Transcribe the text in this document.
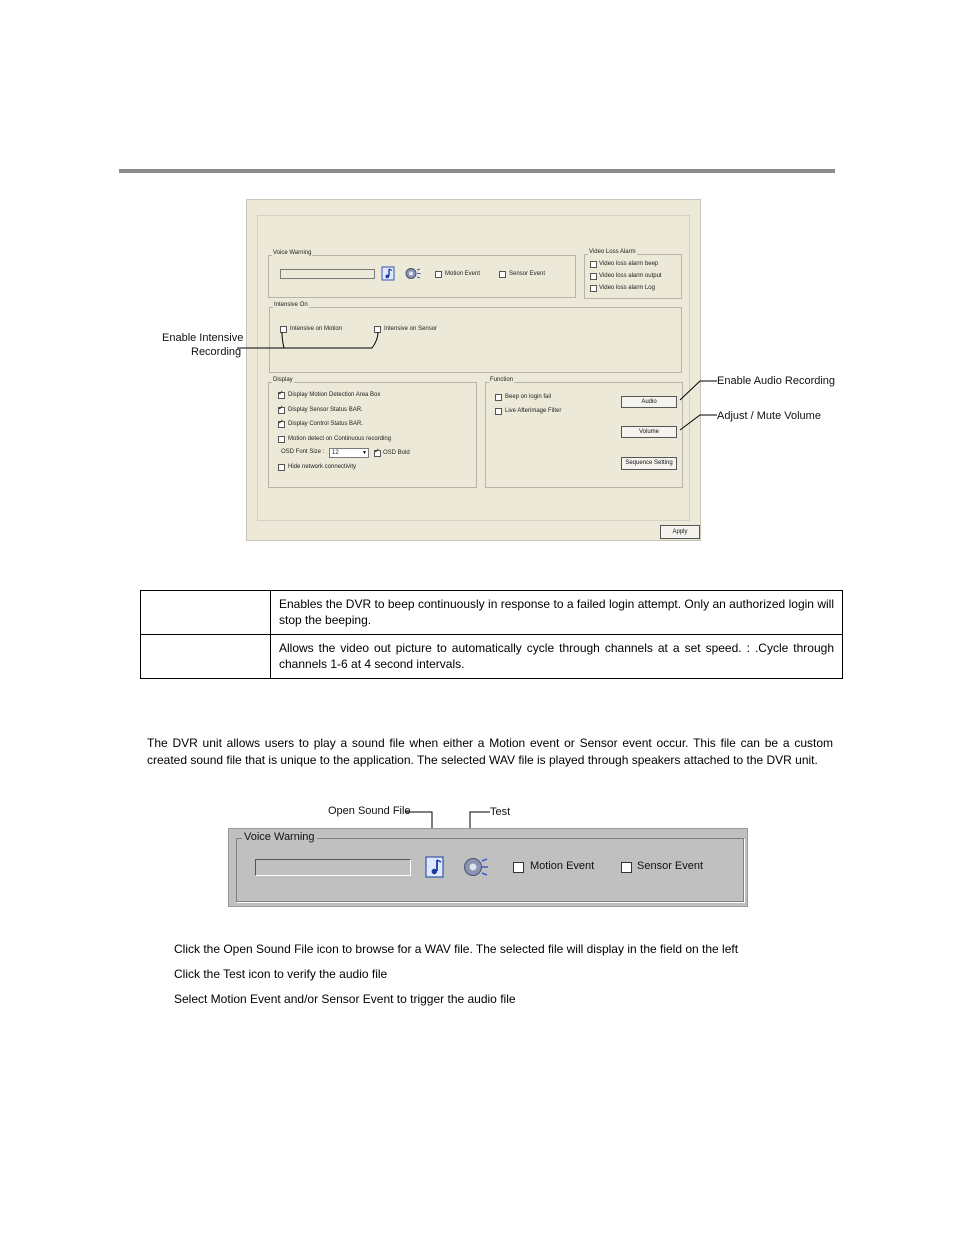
Voice Warning
Motion Event	Sensor Event
Video Loss Alarm
Video loss alarm beep
Video loss alarm output
Video loss alarm Log
Intensive On
Intensive on Motion	Intensive on Sensor
Display
✓
Display Motion Detection Area Box
✓
Display Sensor Status BAR.
✓
Display Control Status BAR.
Motion detect on Continuous recording
OSD Font Size : 12	▼
✓	OSD Bold
Hide network connectivity
Function
Beep on login fail
Live Afterimage Filter
Audio
Volume
Sequence Setting
Apply
Enable Intensive
Recording
Enable Audio Recording
Adjust / Mute Volume
	Enables the DVR to beep continuously in response to a failed login attempt. Only an authorized login will stop the beeping.
	Allows the video out picture to automatically cycle through channels at a set speed. : .Cycle through channels 1-6 at 4 second intervals.
The DVR unit allows users to play a sound file when either a Motion event or Sensor event occur. This file can be a custom created sound file that is unique to the application. The selected WAV file is played through speakers attached to the DVR unit.
Open Sound File	Test
Voice Warning
Motion Event	Sensor Event
Click the Open Sound File icon to browse for a WAV file. The selected file will display in the field on the left
Click the Test icon to verify the audio file
Select Motion Event and/or Sensor Event to trigger the audio file
